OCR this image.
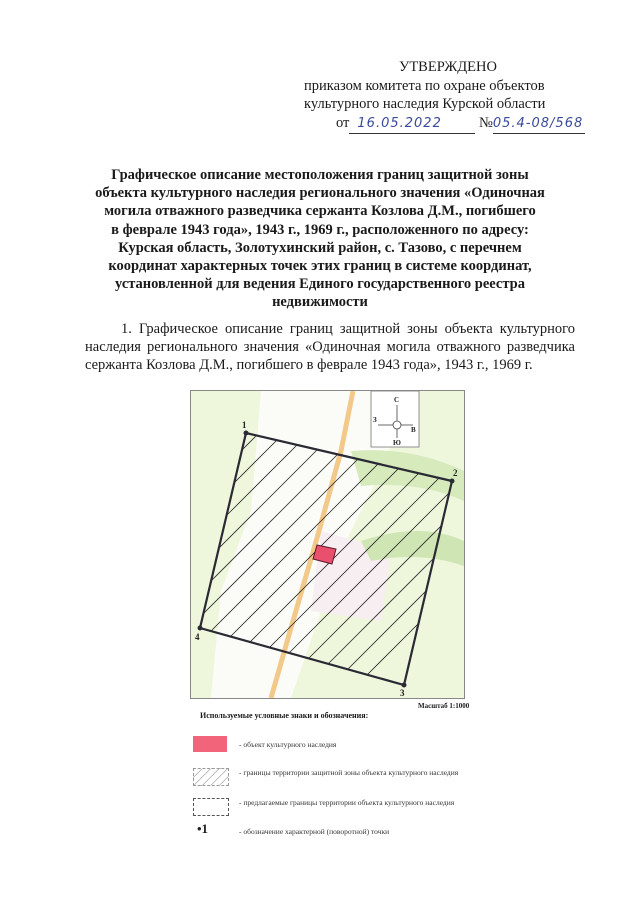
УТВЕРЖДЕНО
приказом комитета по охране объектов
культурного наследия Курской области
от 16.05.2022	№05.4-08/568
Графическое описание местоположения границ защитной зоны
объекта культурного наследия регионального значения «Одиночная
могила отважного разведчика сержанта Козлова Д.М., погибшего
в феврале 1943 года», 1943 г., 1969 г., расположенного по адресу:
Курская область, Золотухинский район, с. Тазово, с перечнем
координат характерных точек этих границ в системе координат,
установленной для ведения Единого государственного реестра
недвижимости
1. Графическое описание границ защитной зоны объекта культурного наследия регионального значения «Одиночная могила отважного разведчика сержанта Козлова Д.М., погибшего в феврале 1943 года», 1943 г., 1969 г.
1
2
3
4
С
Ю
З
В
Масштаб 1:1000
Используемые условные знаки и обозначения:
- объект культурного наследия
- границы территории защитной зоны объекта культурного наследия
- предлагаемые границы территории объекта культурного наследия
•1	- обозначение характерной (поворотной) точки
